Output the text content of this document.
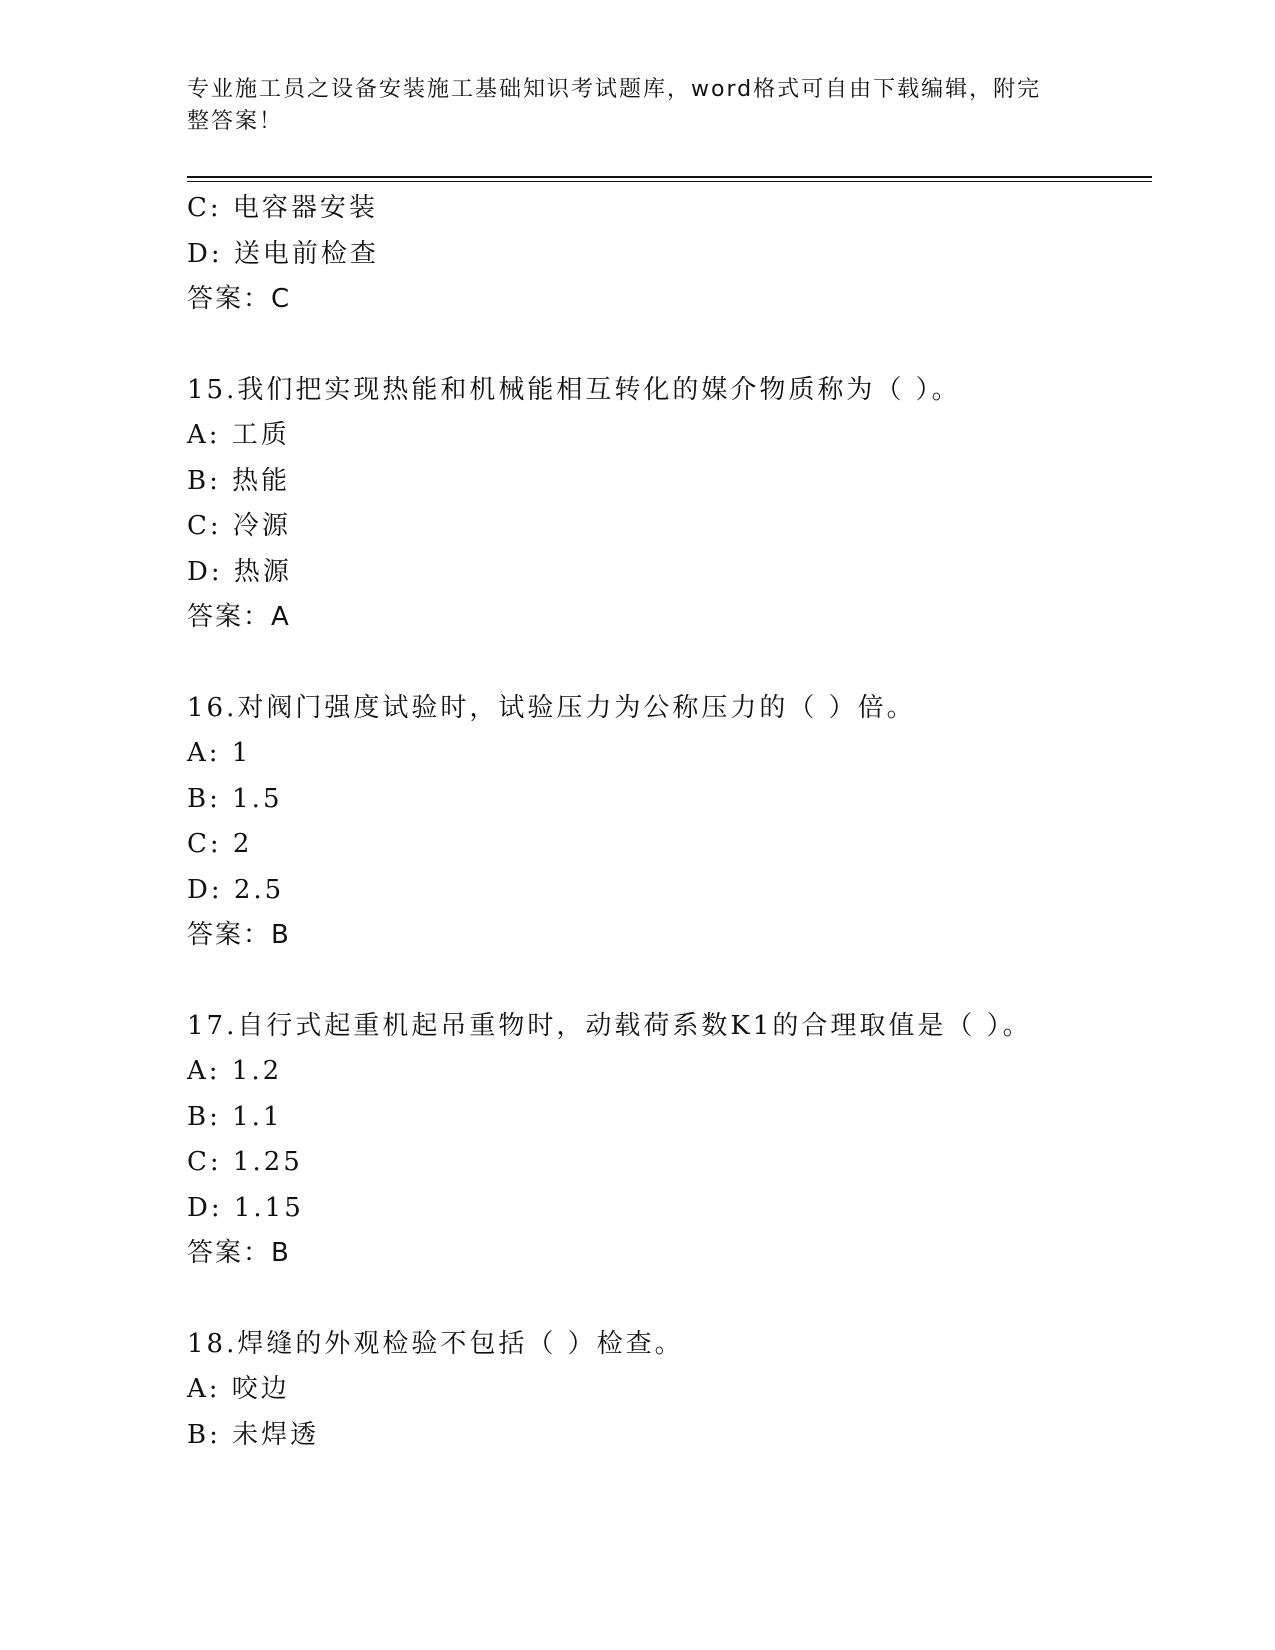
专业施工员之设备安装施工基础知识考试题库，word格式可自由下载编辑，附完
整答案！
C: 电容器安装
D: 送电前检查
答案：C
15.我们把实现热能和机械能相互转化的媒介物质称为（ ）。
A: 工质
B: 热能
C: 冷源
D: 热源
答案：A
16.对阀门强度试验时，试验压力为公称压力的（ ）倍。
A: 1
B: 1.5
C: 2
D: 2.5
答案：B
17.自行式起重机起吊重物时，动载荷系数K1的合理取值是（ ）。
A: 1.2
B: 1.1
C: 1.25
D: 1.15
答案：B
18.焊缝的外观检验不包括（ ）检查。
A: 咬边
B: 未焊透
